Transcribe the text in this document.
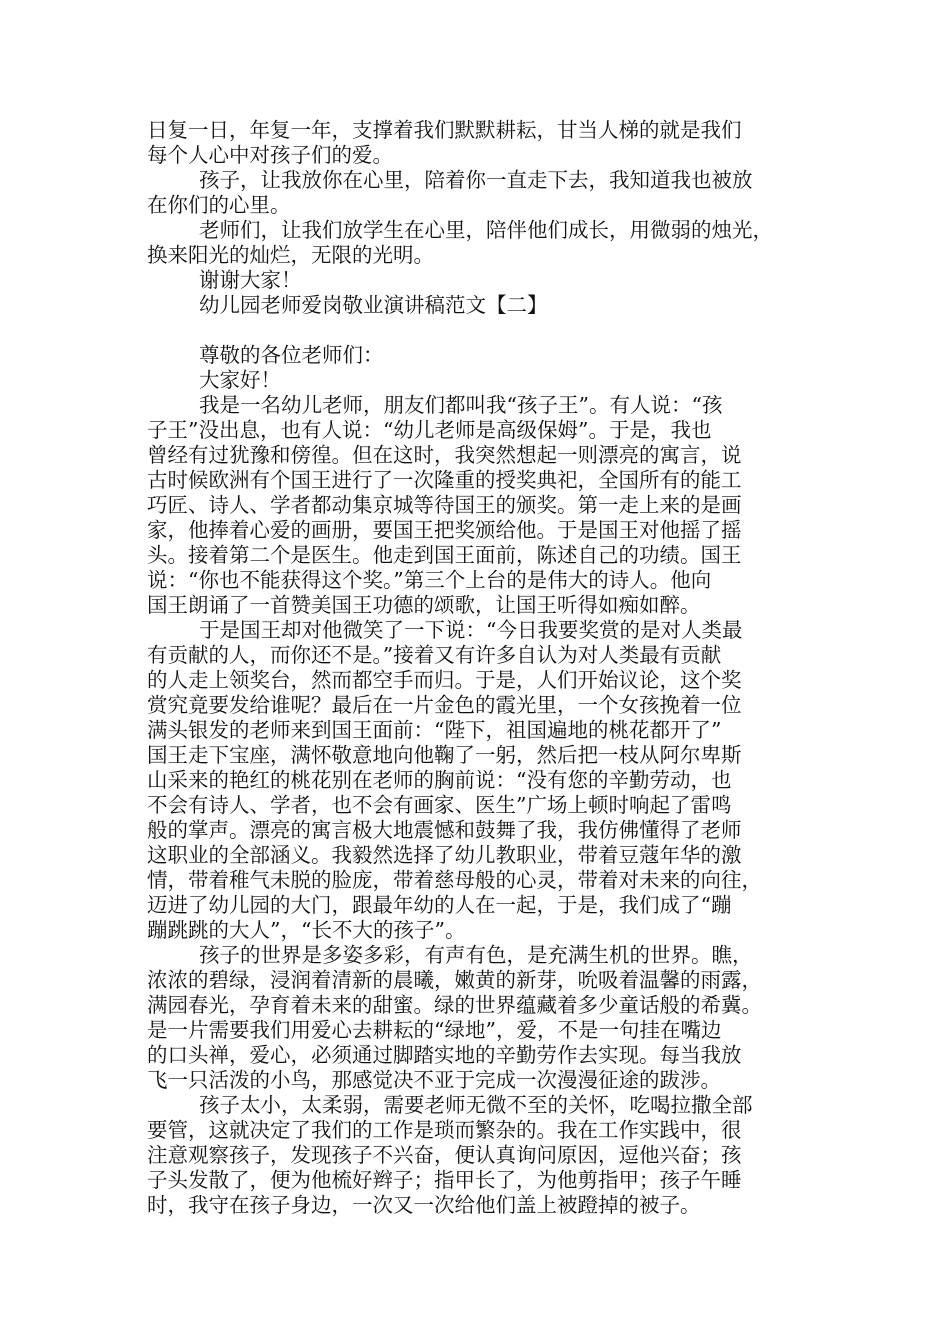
日复一日，年复一年，支撑着我们默默耕耘，甘当人梯的就是我们
每个人心中对孩子们的爱。
孩子，让我放你在心里，陪着你一直走下去，我知道我也被放
在你们的心里。
老师们，让我们放学生在心里，陪伴他们成长，用微弱的烛光，
换来阳光的灿烂，无限的光明。
谢谢大家！
幼儿园老师爱岗敬业演讲稿范文【二】
尊敬的各位老师们：
大家好！
我是一名幼儿老师，朋友们都叫我“孩子王”。有人说：“孩
子王”没出息，也有人说：“幼儿老师是高级保姆”。于是，我也
曾经有过犹豫和傍徨。但在这时，我突然想起一则漂亮的寓言，说
古时候欧洲有个国王进行了一次隆重的授奖典祀，全国所有的能工
巧匠、诗人、学者都动集京城等待国王的颁奖。第一走上来的是画
家，他捧着心爱的画册，要国王把奖颁给他。于是国王对他摇了摇
头。接着第二个是医生。他走到国王面前，陈述自己的功绩。国王
说：“你也不能获得这个奖。”第三个上台的是伟大的诗人。他向
国王朗诵了一首赞美国王功德的颂歌，让国王听得如痴如醉。
于是国王却对他微笑了一下说：“今日我要奖赏的是对人类最
有贡献的人，而你还不是。”接着又有许多自认为对人类最有贡献
的人走上领奖台，然而都空手而归。于是，人们开始议论，这个奖
赏究竟要发给谁呢？最后在一片金色的霞光里，一个女孩挽着一位
满头银发的老师来到国王面前：“陛下，祖国遍地的桃花都开了”
国王走下宝座，满怀敬意地向他鞠了一躬，然后把一枝从阿尔卑斯
山采来的艳红的桃花别在老师的胸前说：“没有您的辛勤劳动，也
不会有诗人、学者，也不会有画家、医生”广场上顿时响起了雷鸣
般的掌声。漂亮的寓言极大地震憾和鼓舞了我，我仿佛懂得了老师
这职业的全部涵义。我毅然选择了幼儿教职业，带着豆蔻年华的激
情，带着稚气未脱的脸庞，带着慈母般的心灵，带着对未来的向往，
迈进了幼儿园的大门，跟最年幼的人在一起，于是，我们成了“蹦
蹦跳跳的大人”，“长不大的孩子”。
孩子的世界是多姿多彩，有声有色，是充满生机的世界。瞧，
浓浓的碧绿，浸润着清新的晨曦，嫩黄的新芽，吮吸着温馨的雨露，
满园春光，孕育着未来的甜蜜。绿的世界蕴藏着多少童话般的希冀。
是一片需要我们用爱心去耕耘的“绿地”，爱，不是一句挂在嘴边
的口头禅，爱心，必须通过脚踏实地的辛勤劳作去实现。每当我放
飞一只活泼的小鸟，那感觉决不亚于完成一次漫漫征途的跋涉。
孩子太小，太柔弱，需要老师无微不至的关怀，吃喝拉撒全部
要管，这就决定了我们的工作是琐而繁杂的。我在工作实践中，很
注意观察孩子，发现孩子不兴奋，便认真询问原因，逗他兴奋；孩
子头发散了，便为他梳好辫子；指甲长了，为他剪指甲；孩子午睡
时，我守在孩子身边，一次又一次给他们盖上被蹬掉的被子。
